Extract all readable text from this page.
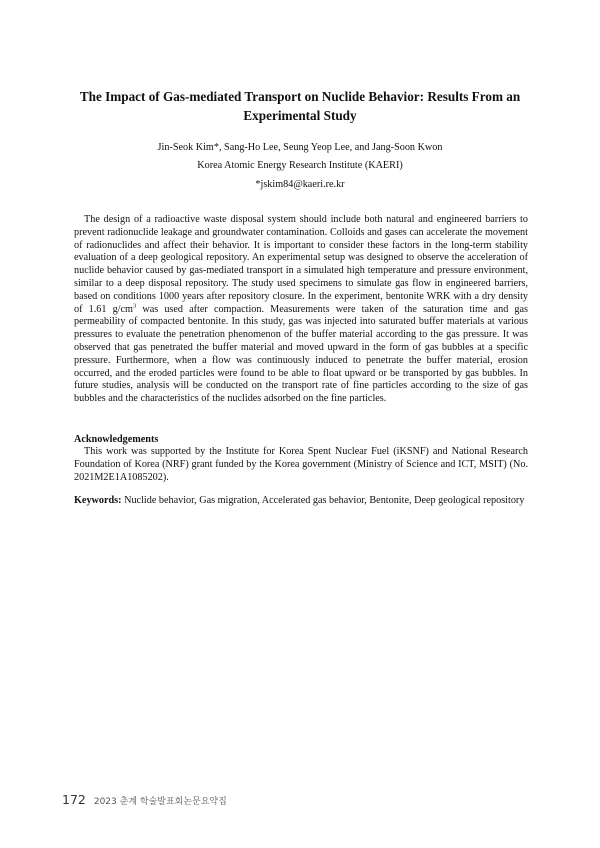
The Impact of Gas-mediated Transport on Nuclide Behavior: Results From an Experimental Study
Jin-Seok Kim*, Sang-Ho Lee, Seung Yeop Lee, and Jang-Soon Kwon
Korea Atomic Energy Research Institute (KAERI)
*jskim84@kaeri.re.kr
The design of a radioactive waste disposal system should include both natural and engineered barriers to prevent radionuclide leakage and groundwater contamination. Colloids and gases can accelerate the movement of radionuclides and affect their behavior. It is important to consider these factors in the long-term stability evaluation of a deep geological repository. An experimental setup was designed to observe the acceleration of nuclide behavior caused by gas-mediated transport in a simulated high temperature and pressure environment, similar to a deep disposal repository. The study used specimens to simulate gas flow in engineered barriers, based on conditions 1000 years after repository closure. In the experiment, bentonite WRK with a dry density of 1.61 $g/cm^3$ was used after compaction. Measurements were taken of the saturation time and gas permeability of compacted bentonite. In this study, gas was injected into saturated buffer materials at various pressures to evaluate the penetration phenomenon of the buffer material according to the gas pressure. It was observed that gas penetrated the buffer material and moved upward in the form of gas bubbles at a specific pressure. Furthermore, when a flow was continuously induced to penetrate the buffer material, erosion occurred, and the eroded particles were found to be able to float upward or be transported by gas bubbles. In future studies, analysis will be conducted on the transport rate of fine particles according to the size of gas bubbles and the characteristics of the nuclides adsorbed on the fine particles.
Acknowledgements
This work was supported by the Institute for Korea Spent Nuclear Fuel (iKSNF) and National Research Foundation of Korea (NRF) grant funded by the Korea government (Ministry of Science and ICT, MSIT) (No. 2021M2E1A1085202).
Keywords: Nuclide behavior, Gas migration, Accelerated gas behavior, Bentonite, Deep geological repository
172 2023 춘계 학술발표회논문요약집
